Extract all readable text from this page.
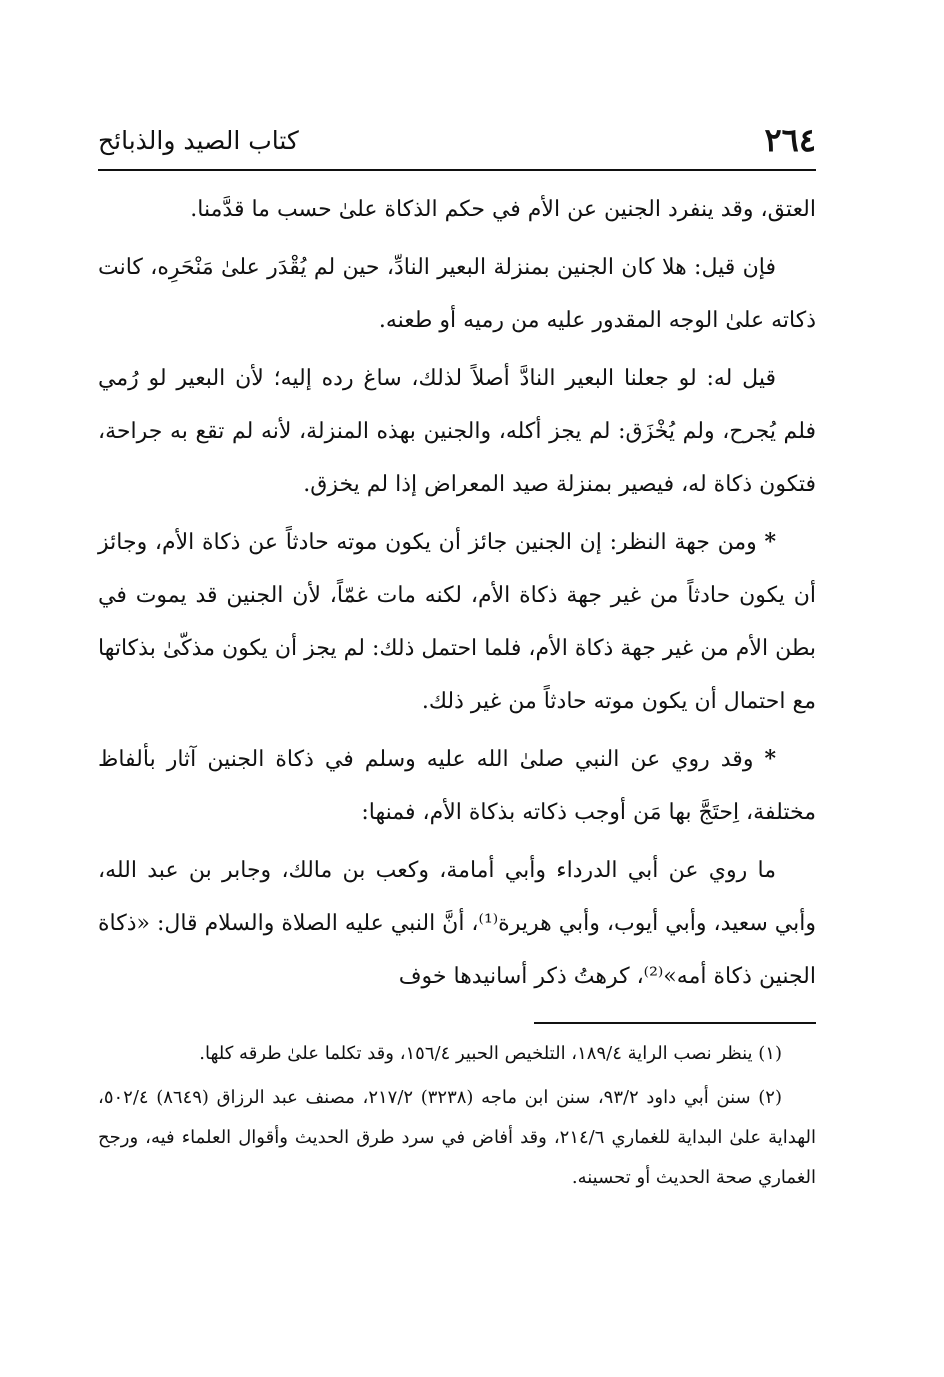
٢٦٤
كتاب الصيد والذبائح

العتق، وقد ينفرد الجنين عن الأم في حكم الذكاة علىٰ حسب ما قدَّمنا.

فإن قيل: هلا كان الجنين بمنزلة البعير النادِّ، حين لم يُقْدَر علىٰ مَنْحَرِه، كانت ذكاته علىٰ الوجه المقدور عليه من رميه أو طعنه.

قيل له: لو جعلنا البعير النادَّ أصلاً لذلك، ساغ رده إليه؛ لأن البعير لو رُمي فلم يُجرح، ولم يُخْزَق: لم يجز أكله، والجنين بهذه المنزلة، لأنه لم تقع به جراحة، فتكون ذكاة له، فيصير بمنزلة صيد المعراض إذا لم يخزق.

* ومن جهة النظر: إن الجنين جائز أن يكون موته حادثاً عن ذكاة الأم، وجائز أن يكون حادثاً من غير جهة ذكاة الأم، لكنه مات غمّاً، لأن الجنين قد يموت في بطن الأم من غير جهة ذكاة الأم، فلما احتمل ذلك: لم يجز أن يكون مذكّىٰ بذكاتها مع احتمال أن يكون موته حادثاً من غير ذلك.

* وقد روي عن النبي صلىٰ الله عليه وسلم في ذكاة الجنين آثار بألفاظ مختلفة، اِحتَجَّ بها مَن أوجب ذكاته بذكاة الأم، فمنها:

ما روي عن أبي الدرداء وأبي أمامة، وكعب بن مالك، وجابر بن عبد الله، وأبي سعيد، وأبي أيوب، وأبي هريرة⁽¹⁾، أنَّ النبي عليه الصلاة والسلام قال: «ذكاة الجنين ذكاة أمه»⁽²⁾، كرهتُ ذكر أسانيدها خوف

(١) ينظر نصب الراية ١٨٩/٤، التلخيص الحبير ١٥٦/٤، وقد تكلما علىٰ طرقه كلها.

(٢) سنن أبي داود ٩٣/٢، سنن ابن ماجه (٣٢٣٨) ٢١٧/٢، مصنف عبد الرزاق (٨٦٤٩) ٥٠٢/٤، الهداية علىٰ البداية للغماري ٢١٤/٦، وقد أفاض في سرد طرق الحديث وأقوال العلماء فيه، ورجح الغماري صحة الحديث أو تحسينه.
